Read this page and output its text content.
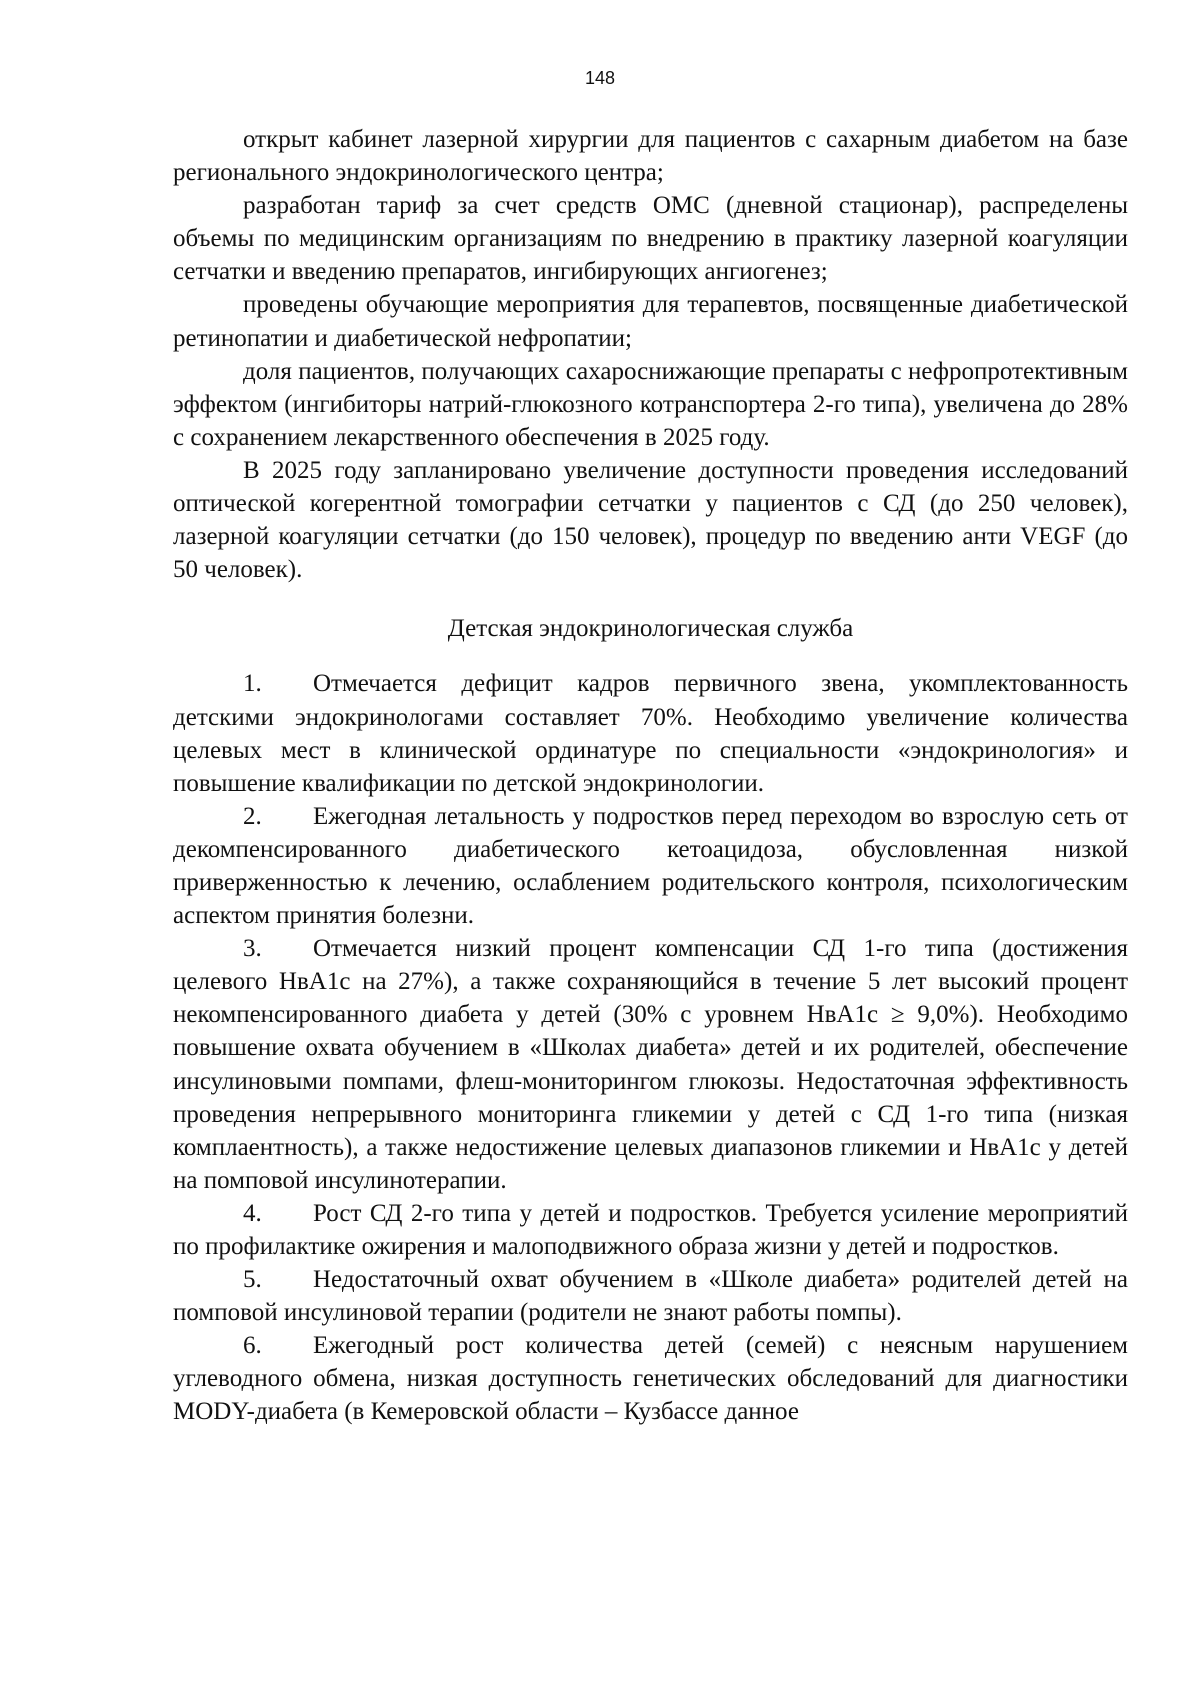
148

открыт кабинет лазерной хирургии для пациентов с сахарным диабетом на базе регионального эндокринологического центра;

разработан тариф за счет средств ОМС (дневной стационар), распределены объемы по медицинским организациям по внедрению в практику лазерной коагуляции сетчатки и введению препаратов, ингибирующих ангиогенез;

проведены обучающие мероприятия для терапевтов, посвященные диабетической ретинопатии и диабетической нефропатии;

доля пациентов, получающих сахароснижающие препараты с нефропротективным эффектом (ингибиторы натрий-глюкозного котранспортера 2-го типа), увеличена до 28% с сохранением лекарственного обеспечения в 2025 году.

В 2025 году запланировано увеличение доступности проведения исследований оптической когерентной томографии сетчатки у пациентов с СД (до 250 человек), лазерной коагуляции сетчатки (до 150 человек), процедур по введению анти VEGF (до 50 человек).

Детская эндокринологическая служба

1. Отмечается дефицит кадров первичного звена, укомплектованность детскими эндокринологами составляет 70%. Необходимо увеличение количества целевых мест в клинической ординатуре по специальности «эндокринология» и повышение квалификации по детской эндокринологии.

2. Ежегодная летальность у подростков перед переходом во взрослую сеть от декомпенсированного диабетического кетоацидоза, обусловленная низкой приверженностью к лечению, ослаблением родительского контроля, психологическим аспектом принятия болезни.

3. Отмечается низкий процент компенсации СД 1-го типа (достижения целевого НвА1с на 27%), а также сохраняющийся в течение 5 лет высокий процент некомпенсированного диабета у детей (30% с уровнем НвА1с ≥ 9,0%). Необходимо повышение охвата обучением в «Школах диабета» детей и их родителей, обеспечение инсулиновыми помпами, флеш-мониторингом глюкозы. Недостаточная эффективность проведения непрерывного мониторинга гликемии у детей с СД 1-го типа (низкая комплаентность), а также недостижение целевых диапазонов гликемии и НвА1с у детей на помповой инсулинотерапии.

4. Рост СД 2-го типа у детей и подростков. Требуется усиление мероприятий по профилактике ожирения и малоподвижного образа жизни у детей и подростков.

5. Недостаточный охват обучением в «Школе диабета» родителей детей на помповой инсулиновой терапии (родители не знают работы помпы).

6. Ежегодный рост количества детей (семей) с неясным нарушением углеводного обмена, низкая доступность генетических обследований для диагностики MODY-диабета (в Кемеровской области – Кузбассе данное
